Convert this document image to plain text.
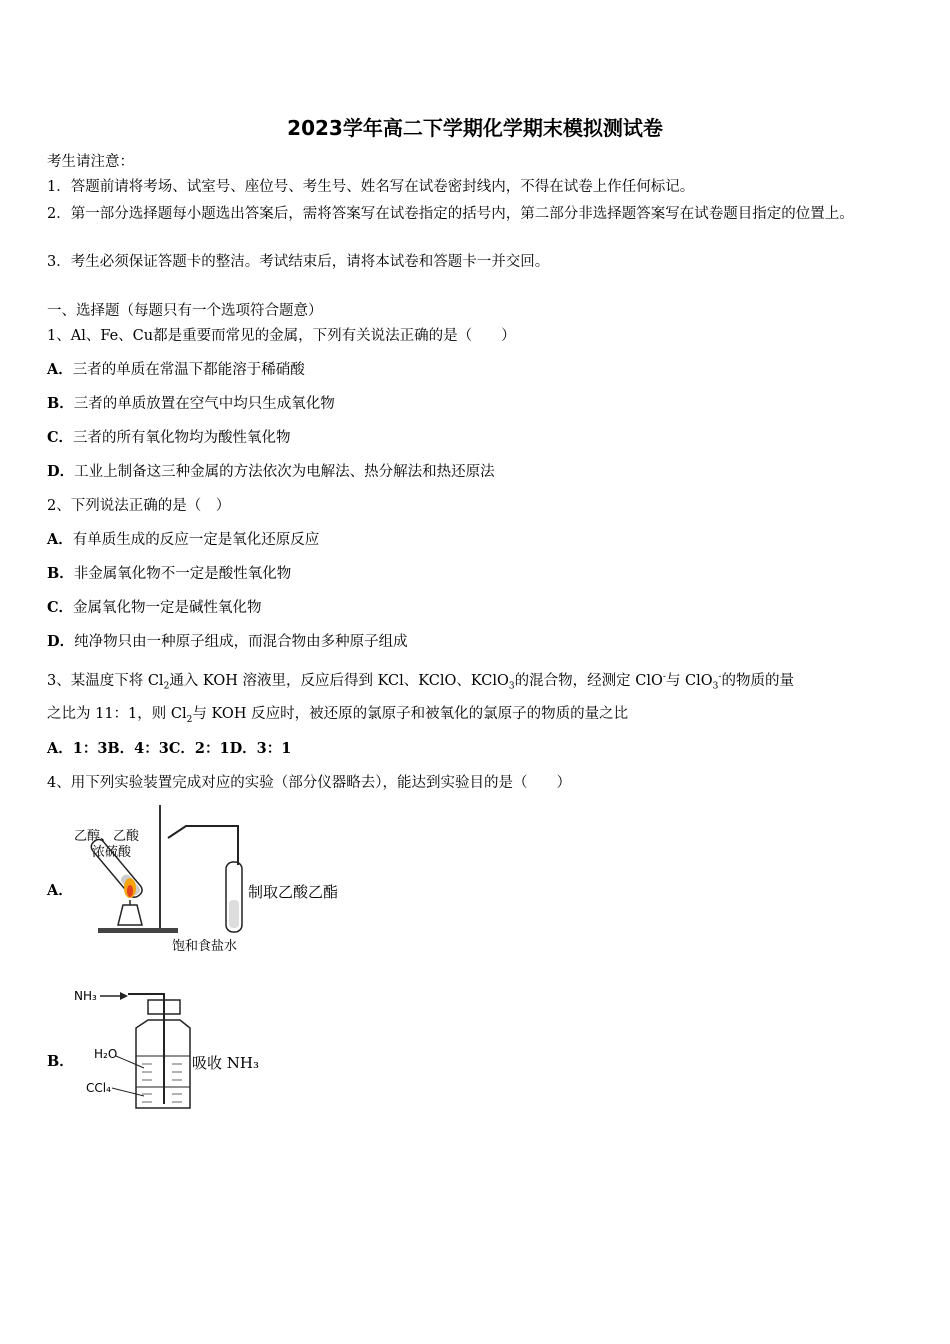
2023学年高二下学期化学期末模拟测试卷
考生请注意：
1．答题前请将考场、试室号、座位号、考生号、姓名写在试卷密封线内，不得在试卷上作任何标记。
2．第一部分选择题每小题选出答案后，需将答案写在试卷指定的括号内，第二部分非选择题答案写在试卷题目指定的位置上。
3．考生必须保证答题卡的整洁。考试结束后，请将本试卷和答题卡一并交回。
一、选择题（每题只有一个选项符合题意）
1、Al、Fe、Cu都是重要而常见的金属，下列有关说法正确的是（　　）
A．三者的单质在常温下都能溶于稀硝酸
B．三者的单质放置在空气中均只生成氧化物
C．三者的所有氧化物均为酸性氧化物
D．工业上制备这三种金属的方法依次为电解法、热分解法和热还原法
2、下列说法正确的是（　）
A．有单质生成的反应一定是氧化还原反应
B．非金属氧化物不一定是酸性氧化物
C．金属氧化物一定是碱性氧化物
D．纯净物只由一种原子组成，而混合物由多种原子组成
3、某温度下将 $Cl_2$通入 KOH 溶液里，反应后得到 KCl、KClO、KClO$_3$的混合物，经测定 ClO-与 ClO$_3$-的物质的量
之比为 11：1，则 $Cl_2$与 KOH 反应时，被还原的氯原子和被氧化的氯原子的物质的量之比
A．1：3B．4：3C．2：1D．3：1
4、用下列实验装置完成对应的实验（部分仪器略去），能达到实验目的是（　　）
A．
乙醇、乙酸
浓硫酸
饱和食盐水
制取乙酸乙酯
B．
NH₃
H₂O
CCl₄
吸收 NH₃
